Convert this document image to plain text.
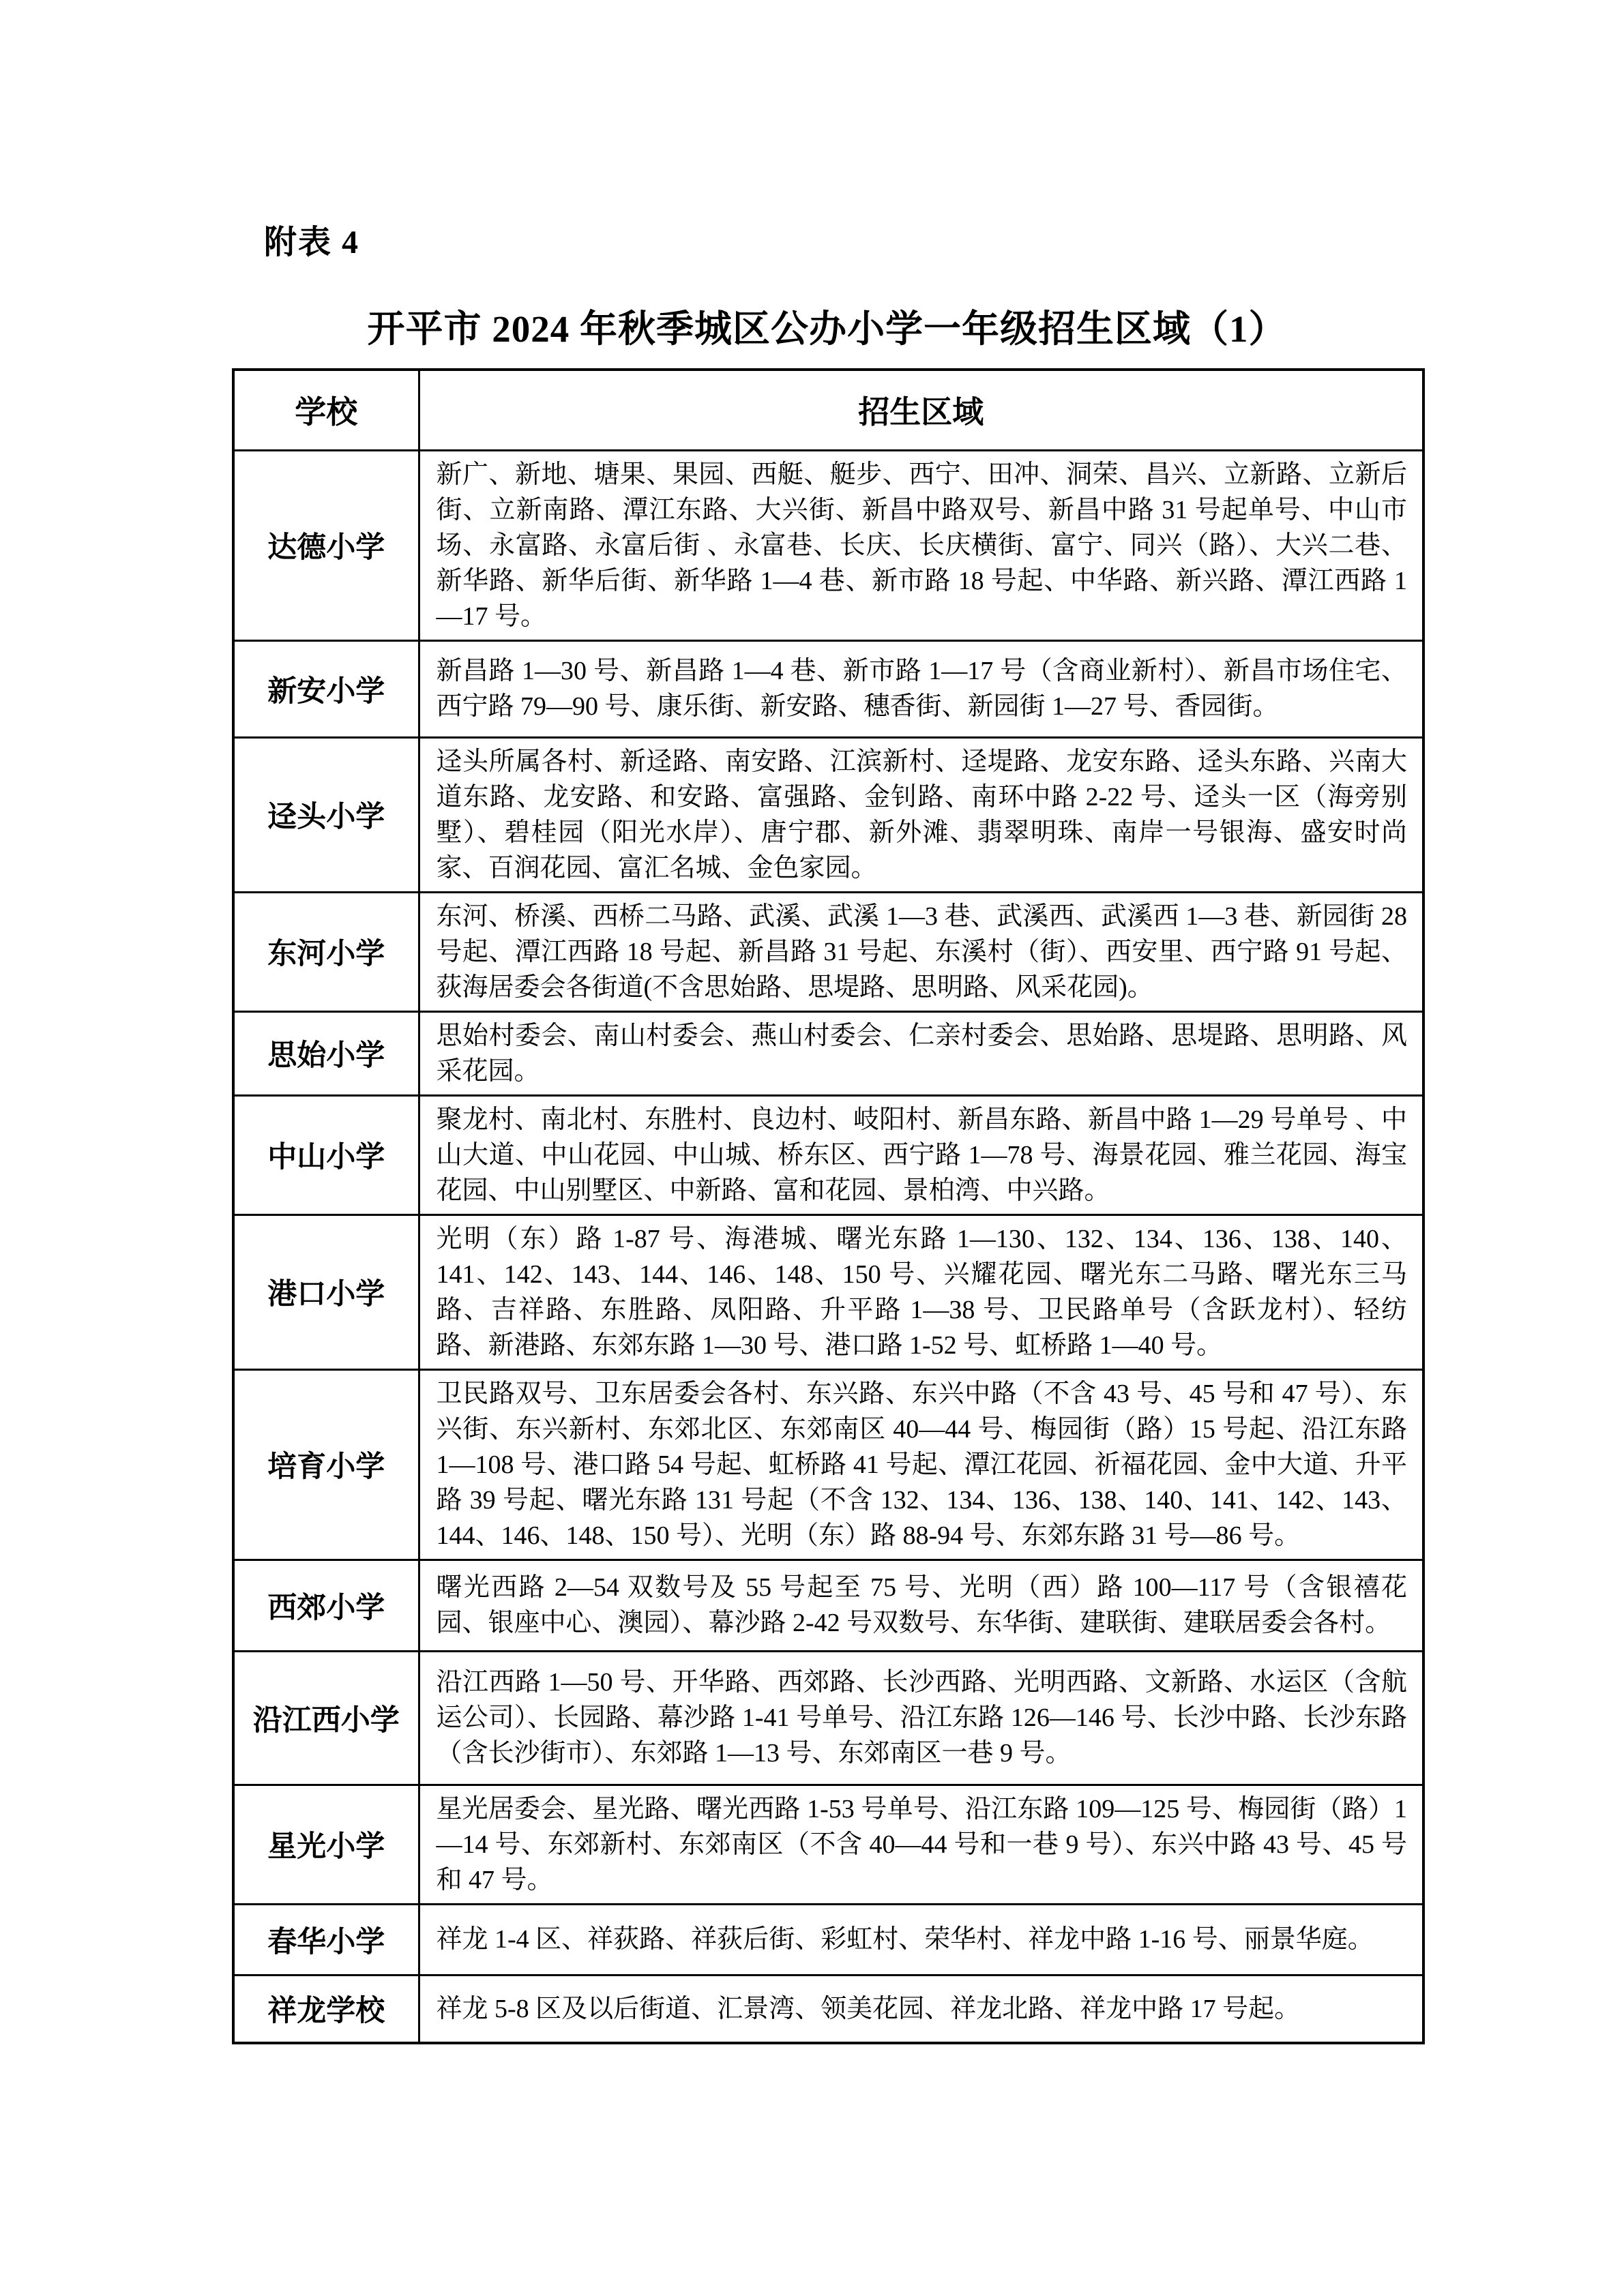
附表 4
开平市 2024 年秋季城区公办小学一年级招生区域（1）
学校	招生区域
达德小学	新广、新地、塘果、果园、西艇、艇步、西宁、田冲、洞荣、昌兴、立新路、立新后街、立新南路、潭江东路、大兴街、新昌中路双号、新昌中路 31 号起单号、中山市场、永富路、永富后街 、永富巷、长庆、长庆横街、富宁、同兴（路）、大兴二巷、新华路、新华后街、新华路 1—4 巷、新市路 18 号起、中华路、新兴路、潭江西路 1—17 号。
新安小学	新昌路 1—30 号、新昌路 1—4 巷、新市路 1—17 号（含商业新村）、新昌市场住宅、西宁路 79—90 号、康乐街、新安路、穗香街、新园街 1—27 号、香园街。
迳头小学	迳头所属各村、新迳路、南安路、江滨新村、迳堤路、龙安东路、迳头东路、兴南大道东路、龙安路、和安路、富强路、金钊路、南环中路 2-22 号、迳头一区（海旁别墅）、碧桂园（阳光水岸）、唐宁郡、新外滩、翡翠明珠、南岸一号银海、盛安时尚家、百润花园、富汇名城、金色家园。
东河小学	东河、桥溪、西桥二马路、武溪、武溪 1—3 巷、武溪西、武溪西 1—3 巷、新园街 28 号起、潭江西路 18 号起、新昌路 31 号起、东溪村（街）、西安里、西宁路 91 号起、荻海居委会各街道(不含思始路、思堤路、思明路、风采花园)。
思始小学	思始村委会、南山村委会、燕山村委会、仁亲村委会、思始路、思堤路、思明路、风采花园。
中山小学	聚龙村、南北村、东胜村、良边村、岐阳村、新昌东路、新昌中路 1—29 号单号 、中山大道、中山花园、中山城、桥东区、西宁路 1—78 号、海景花园、雅兰花园、海宝花园、中山别墅区、中新路、富和花园、景柏湾、中兴路。
港口小学	光明（东）路 1-87 号、海港城、曙光东路 1—130、132、134、136、138、140、141、142、143、144、146、148、150 号、兴耀花园、曙光东二马路、曙光东三马路、吉祥路、东胜路、凤阳路、升平路 1—38 号、卫民路单号（含跃龙村）、轻纺路、新港路、东郊东路 1—30 号、港口路 1-52 号、虹桥路 1—40 号。
培育小学	卫民路双号、卫东居委会各村、东兴路、东兴中路（不含 43 号、45 号和 47 号）、东兴街、东兴新村、东郊北区、东郊南区 40—44 号、梅园街（路）15 号起、沿江东路 1—108 号、港口路 54 号起、虹桥路 41 号起、潭江花园、祈福花园、金中大道、升平路 39 号起、曙光东路 131 号起（不含 132、134、136、138、140、141、142、143、144、146、148、150 号）、光明（东）路 88-94 号、东郊东路 31 号—86 号。
西郊小学	曙光西路 2—54 双数号及 55 号起至 75 号、光明（西）路 100—117 号（含银禧花园、银座中心、澳园）、幕沙路 2-42 号双数号、东华街、建联街、建联居委会各村。
沿江西小学	沿江西路 1—50 号、开华路、西郊路、长沙西路、光明西路、文新路、水运区（含航运公司）、长园路、幕沙路 1-41 号单号、沿江东路 126—146 号、长沙中路、长沙东路（含长沙街市）、东郊路 1—13 号、东郊南区一巷 9 号。
星光小学	星光居委会、星光路、曙光西路 1-53 号单号、沿江东路 109—125 号、梅园街（路）1—14 号、东郊新村、东郊南区（不含 40—44 号和一巷 9 号）、东兴中路 43 号、45 号和 47 号。
春华小学	祥龙 1-4 区、祥荻路、祥荻后街、彩虹村、荣华村、祥龙中路 1-16 号、丽景华庭。
祥龙学校	祥龙 5-8 区及以后街道、汇景湾、领美花园、祥龙北路、祥龙中路 17 号起。
